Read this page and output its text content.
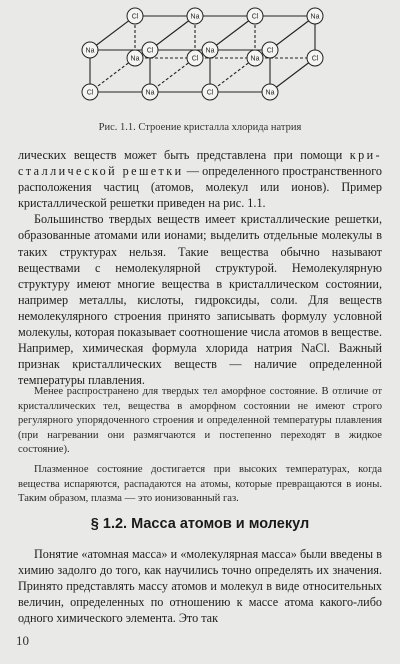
Cl	Na	Cl	Na
Na	Cl	Na	Cl
Na	Cl	Na	Cl
Cl	Na	Cl	Na
Рис. 1.1. Строение кристалла хлорида натрия

лических веществ может быть представлена при помощи кри- сталлической решетки — определенного пространственного расположения частиц (атомов, молекул или ионов). Пример кристаллической решетки приведен на рис. 1.1.

Большинство твердых веществ имеет кристаллические решетки, образованные атомами или ионами; выделить отдельные молекулы в таких структурах нельзя. Такие вещества обычно называют веществами с немолекулярной структурой. Немолекулярную структуру имеют многие вещества в кристаллическом состоянии, например металлы, кислоты, гидроксиды, соли. Для веществ немолекулярного строения принято записывать формулу условной молекулы, которая показывает соотношение числа атомов в веществе. Например, химическая формула хлорида натрия NaCl. Важный признак кристаллических веществ — наличие определенной температуры плавления.

Менее распространено для твердых тел аморфное состояние. В отличие от кристаллических тел, вещества в аморфном состоянии не имеют строго регулярного упорядоченного строения и определенной температуры плавления (при нагревании они размягчаются и постепенно переходят в жидкое состояние).

Плазменное состояние достигается при высоких температурах, когда вещества испаряются, распадаются на атомы, которые превращаются в ионы. Таким образом, плазма — это ионизованный газ.

§ 1.2. Масса атомов и молекул

Понятие «атомная масса» и «молекулярная масса» были введены в химию задолго до того, как научились точно определять их значения. Принято представлять массу атомов и молекул в виде относительных величин, определенных по отношению к массе атома какого-либо одного химического элемента. Это так

10
